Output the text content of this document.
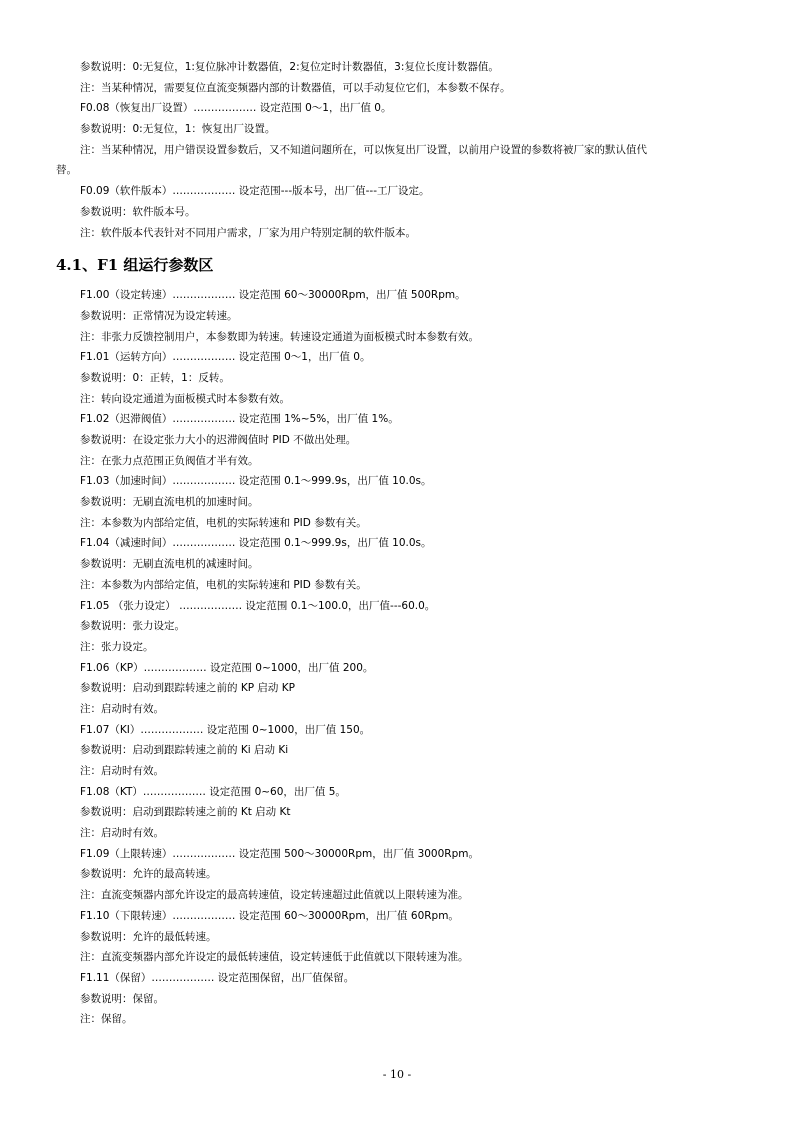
参数说明：0:无复位，1:复位脉冲计数器值，2:复位定时计数器值，3:复位长度计数器值。
注：当某种情况，需要复位直流变频器内部的计数器值，可以手动复位它们，本参数不保存。
F0.08（恢复出厂设置）……………… 设定范围 0～1，出厂值 0。
参数说明：0:无复位，1：恢复出厂设置。
注：当某种情况，用户错误设置参数后，又不知道问题所在，可以恢复出厂设置，以前用户设置的参数将被厂家的默认值代
替。
F0.09（软件版本）……………… 设定范围---版本号，出厂值---工厂设定。
参数说明：软件版本号。
注：软件版本代表针对不同用户需求，厂家为用户特别定制的软件版本。
4.1、F1 组运行参数区
F1.00（设定转速）……………… 设定范围 60～30000Rpm，出厂值 500Rpm。
参数说明：正常情况为设定转速。
注：非张力反馈控制用户，本参数即为转速。转速设定通道为面板模式时本参数有效。
F1.01（运转方向）……………… 设定范围 0～1，出厂值 0。
参数说明：0：正转，1：反转。
注：转向设定通道为面板模式时本参数有效。
F1.02（迟滞阀值）……………… 设定范围 1%~5%，出厂值 1%。
参数说明：在设定张力大小的迟滞阀值时 PID 不做出处理。
注：在张力点范围正负阀值才半有效。
F1.03（加速时间）……………… 设定范围 0.1～999.9s，出厂值 10.0s。
参数说明：无刷直流电机的加速时间。
注：本参数为内部给定值，电机的实际转速和 PID 参数有关。
F1.04（减速时间）……………… 设定范围 0.1～999.9s，出厂值 10.0s。
参数说明：无刷直流电机的减速时间。
注：本参数为内部给定值，电机的实际转速和 PID 参数有关。
F1.05 （张力设定） ……………… 设定范围 0.1～100.0，出厂值---60.0。
参数说明：张力设定。
注：张力设定。
F1.06（KP）……………… 设定范围 0~1000，出厂值 200。
参数说明：启动到跟踪转速之前的 KP 启动 KP
注：启动时有效。
F1.07（KI）……………… 设定范围 0~1000，出厂值 150。
参数说明：启动到跟踪转速之前的 Ki 启动 Ki
注：启动时有效。
F1.08（KT）……………… 设定范围 0~60，出厂值 5。
参数说明：启动到跟踪转速之前的 Kt 启动 Kt
注：启动时有效。
F1.09（上限转速）……………… 设定范围 500～30000Rpm，出厂值 3000Rpm。
参数说明：允许的最高转速。
注：直流变频器内部允许设定的最高转速值，设定转速超过此值就以上限转速为准。
F1.10（下限转速）……………… 设定范围 60～30000Rpm，出厂值 60Rpm。
参数说明：允许的最低转速。
注：直流变频器内部允许设定的最低转速值，设定转速低于此值就以下限转速为准。
F1.11（保留）……………… 设定范围保留，出厂值保留。
参数说明：保留。
注：保留。
- 10 -
